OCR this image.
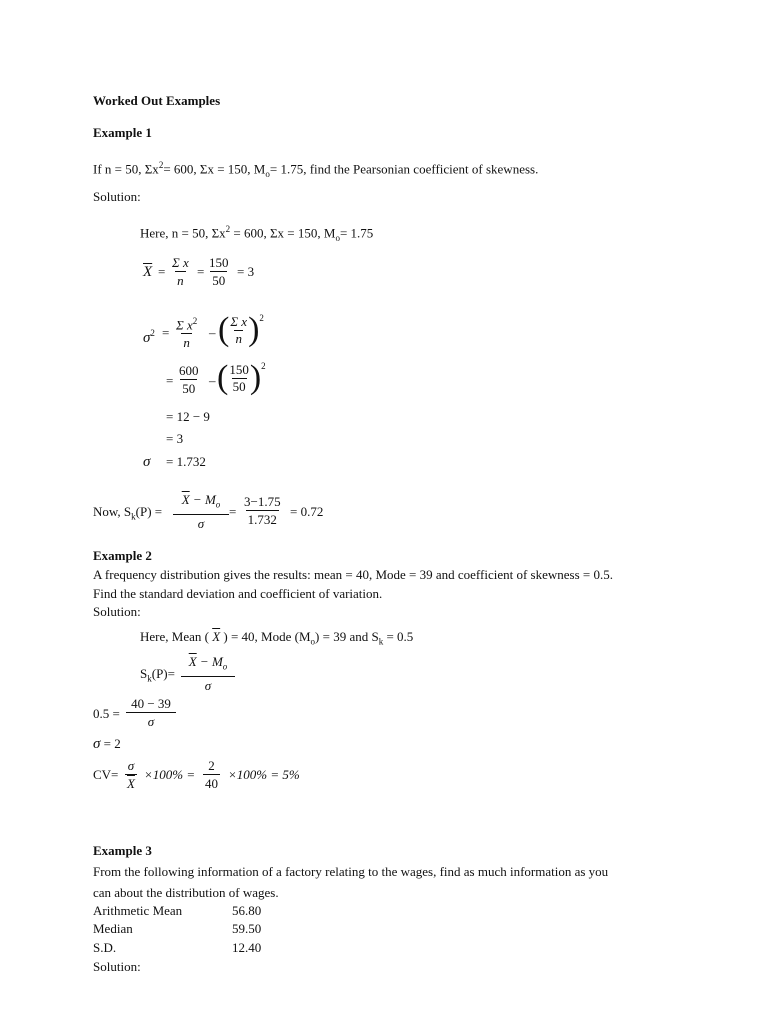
Worked Out Examples
Example 1
If n = 50, $\Sigma x^2= 600$, Σx = 150, $M_o= 1.75$, find the Pearsonian coefficient of skewness.
Solution:
Here, n = 50, $\Sigma x^2 = 600$, Σx = 150, $M_o= 1.75$
$\overline{X} = \frac{\text{Σ x}}{n} = \frac{150}{50} = 3$
$\sigma^2 = \frac{\Sigma x^2}{n}$ – ( Σ x
n )$^2$
= $\frac{600}{50}$ – ( 150
50 )$^2$
= 12 − 9
= 3
σ = 1.732
Now, $S_k(P) = \frac{\overline{X} - M_o}{\sigma} = \frac{3-1.75}{1.732} = 0.72$
Example 2
A frequency distribution gives the results: mean = 40, Mode = 39 and coefficient of skewness = 0.5.
Find the standard deviation and coefficient of variation.
Solution:
Here, Mean ( $\overline{X}$ ) = 40, Mode $(M_o) = 39$ and $S_k = 0.5$
$S_k(P)= \frac{\overline{X} - M_o}{\sigma}$
$0.5 = \frac{40 - 39}{\sigma}$
σ = 2
$CV= \frac{\sigma}{X} \times 100\% = \frac{2}{40} \times 100\% = 5\%$
Example 3
From the following information of a factory relating to the wages, find as much information as you
can about the distribution of wages.
Arithmetic Mean	56.80
Median	59.50
S.D.	12.40
Solution:
